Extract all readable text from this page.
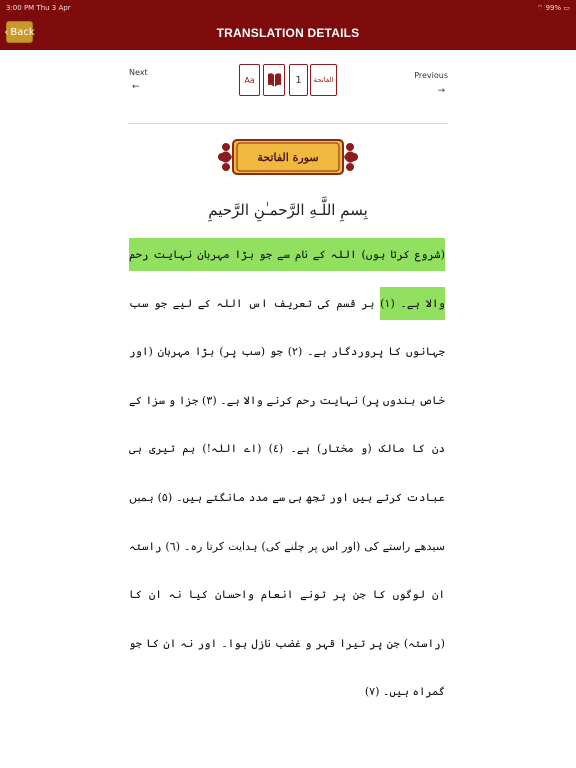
3:00 PM Thu 3 Apr	⌔ 99% ▭
‹ Back	TRANSLATION DETAILS
Next
←
Aa	1	الفاتحة	Previous
→
سورة الفاتحة
بِسمِ اللَّـهِ الرَّحمـٰنِ الرَّحيمِ
(شروع کرتا ہوں) اللہ کے نام سے جو بڑا مہربان نہایت رحم والا ہے۔ (۱) ہر قسم کی تعریف اس اللہ کے لیے جو سب جہانوں کا پروردگار ہے۔ (۲) جو (سب پر) بڑا مہربان (اور خاص بندوں پر) نہایت رحم کرنے والا ہے۔ (۳) جزا و سزا کے دن کا مالک (و مختار) ہے۔ (٤) (اے اللہ!) ہم تیری ہی عبادت کرتے ہیں اور تجھ ہی سے مدد مانگتے ہیں۔ (۵) ہمیں سیدھے راستے کی (اور اس پر چلنے کی) ہدایت کرتا رہ۔ (٦) راستہ ان لوگوں کا جن پر تونے انعام واحسان کیا نہ ان کا (راستہ) جن پر تیرا قہر و غضب نازل ہوا۔ اور نہ ان کا جو گمراہ ہیں۔ (۷)
